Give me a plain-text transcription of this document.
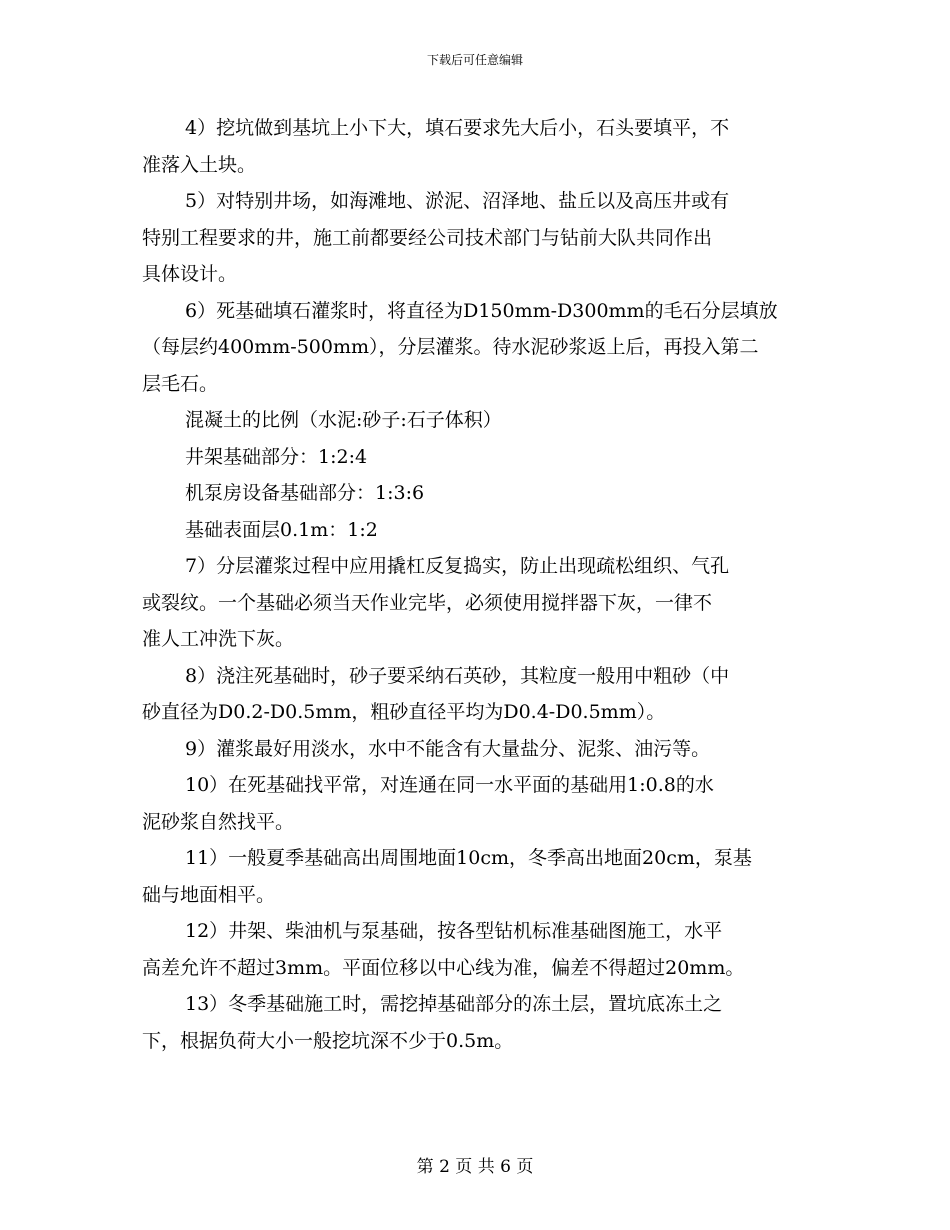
下载后可任意编辑
4）挖坑做到基坑上小下大，填石要求先大后小，石头要填平，不
准落入土块。
5）对特别井场，如海滩地、淤泥、沼泽地、盐丘以及高压井或有
特别工程要求的井，施工前都要经公司技术部门与钻前大队共同作出
具体设计。
6）死基础填石灌浆时，将直径为D150mm-D300mm的毛石分层填放
（每层约400mm-500mm），分层灌浆。待水泥砂浆返上后，再投入第二
层毛石。
混凝土的比例（水泥:砂子:石子体积）
井架基础部分：1:2:4
机泵房设备基础部分：1:3:6
基础表面层0.1m：1:2
7）分层灌浆过程中应用撬杠反复捣实，防止出现疏松组织、气孔
或裂纹。一个基础必须当天作业完毕，必须使用搅拌器下灰，一律不
准人工冲洗下灰。
8）浇注死基础时，砂子要采纳石英砂，其粒度一般用中粗砂（中
砂直径为D0.2-D0.5mm，粗砂直径平均为D0.4-D0.5mm）。
9）灌浆最好用淡水，水中不能含有大量盐分、泥浆、油污等。
10）在死基础找平常，对连通在同一水平面的基础用1:0.8的水
泥砂浆自然找平。
11）一般夏季基础高出周围地面10cm，冬季高出地面20cm，泵基
础与地面相平。
12）井架、柴油机与泵基础，按各型钻机标准基础图施工，水平
高差允许不超过3mm。平面位移以中心线为准，偏差不得超过20mm。
13）冬季基础施工时，需挖掉基础部分的冻土层，置坑底冻土之
下，根据负荷大小一般挖坑深不少于0.5m。
第 2 页 共 6 页
